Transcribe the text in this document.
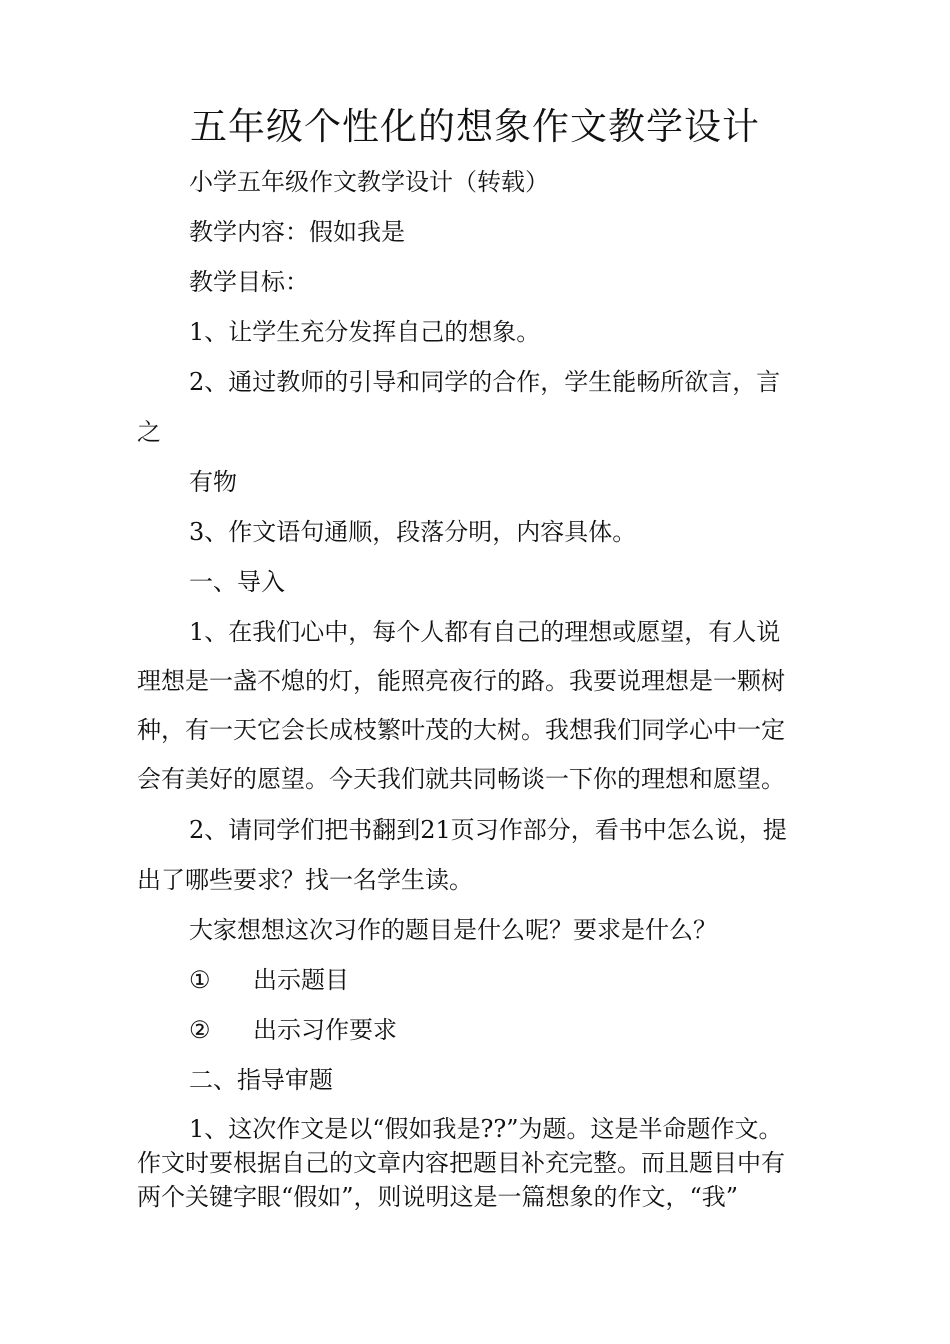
五年级个性化的想象作文教学设计
小学五年级作文教学设计（转载）
教学内容：假如我是
教学目标：
1、让学生充分发挥自己的想象。
2、通过教师的引导和同学的合作，学生能畅所欲言，言
之
有物
3、作文语句通顺，段落分明，内容具体。
一、导入
1、在我们心中，每个人都有自己的理想或愿望，有人说
理想是一盏不熄的灯，能照亮夜行的路。我要说理想是一颗树
种，有一天它会长成枝繁叶茂的大树。我想我们同学心中一定
会有美好的愿望。今天我们就共同畅谈一下你的理想和愿望。
2、请同学们把书翻到21页习作部分，看书中怎么说，提
出了哪些要求？找一名学生读。
大家想想这次习作的题目是什么呢？要求是什么？
① 出示题目
② 出示习作要求
二、指导审题
1、这次作文是以“假如我是??”为题。这是半命题作文。
作文时要根据自己的文章内容把题目补充完整。而且题目中有
两个关键字眼“假如”，则说明这是一篇想象的作文，“我”
